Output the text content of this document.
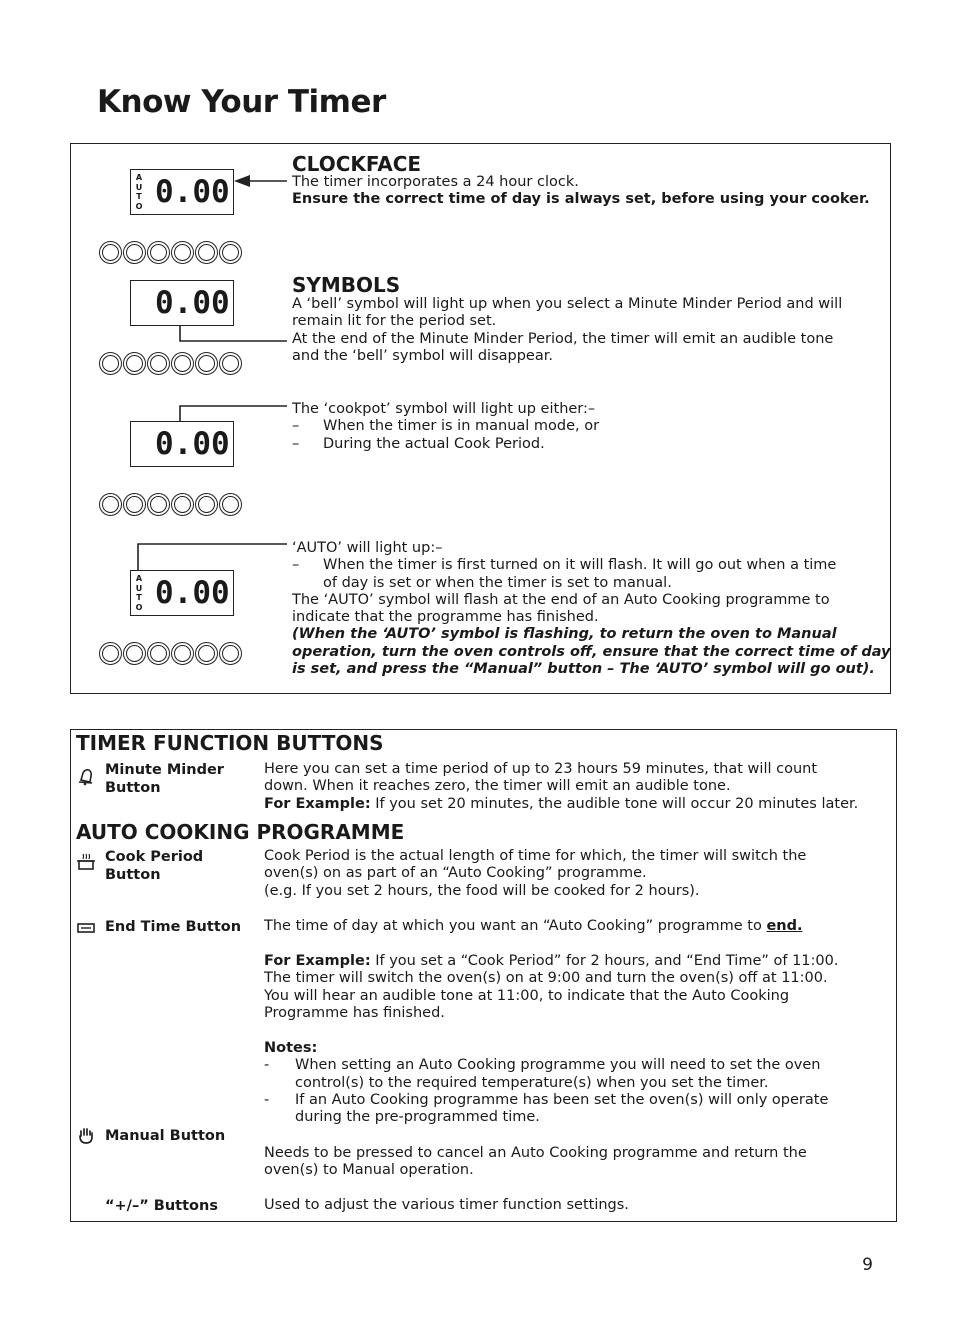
Know Your Timer
A
U
T
O 0.00
0.00
0.00
A
U
T
O 0.00
CLOCKFACE
The timer incorporates a 24 hour clock.
Ensure the correct time of day is always set, before using your cooker.
SYMBOLS
A ‘bell’ symbol will light up when you select a Minute Minder Period and will
remain lit for the period set.
At the end of the Minute Minder Period, the timer will emit an audible tone
and the ‘bell’ symbol will disappear.
The ‘cookpot’ symbol will light up either:–
– When the timer is in manual mode, or
– During the actual Cook Period.
‘AUTO’ will light up:–
– When the timer is first turned on it will flash. It will go out when a time
of day is set or when the timer is set to manual.
The ‘AUTO’ symbol will flash at the end of an Auto Cooking programme to
indicate that the programme has finished.
(When the ‘AUTO’ symbol is flashing, to return the oven to Manual
operation, turn the oven controls off, ensure that the correct time of day
is set, and press the “Manual” button – The ‘AUTO’ symbol will go out).
TIMER FUNCTION BUTTONS
Minute Minder
Button
Here you can set a time period of up to 23 hours 59 minutes, that will count
down. When it reaches zero, the timer will emit an audible tone.
For Example: If you set 20 minutes, the audible tone will occur 20 minutes later.
AUTO COOKING PROGRAMME
Cook Period
Button
Cook Period is the actual length of time for which, the timer will switch the
oven(s) on as part of an “Auto Cooking” programme.
(e.g. If you set 2 hours, the food will be cooked for 2 hours).
End Time Button The time of day at which you want an “Auto Cooking” programme to end.
For Example: If you set a “Cook Period” for 2 hours, and “End Time” of 11:00.
The timer will switch the oven(s) on at 9:00 and turn the oven(s) off at 11:00.
You will hear an audible tone at 11:00, to indicate that the Auto Cooking
Programme has finished.
Notes:
- When setting an Auto Cooking programme you will need to set the oven
control(s) to the required temperature(s) when you set the timer.
- If an Auto Cooking programme has been set the oven(s) will only operate
during the pre-programmed time.
Manual Button
Needs to be pressed to cancel an Auto Cooking programme and return the
oven(s) to Manual operation.
“+/–” Buttons	Used to adjust the various timer function settings.
9
